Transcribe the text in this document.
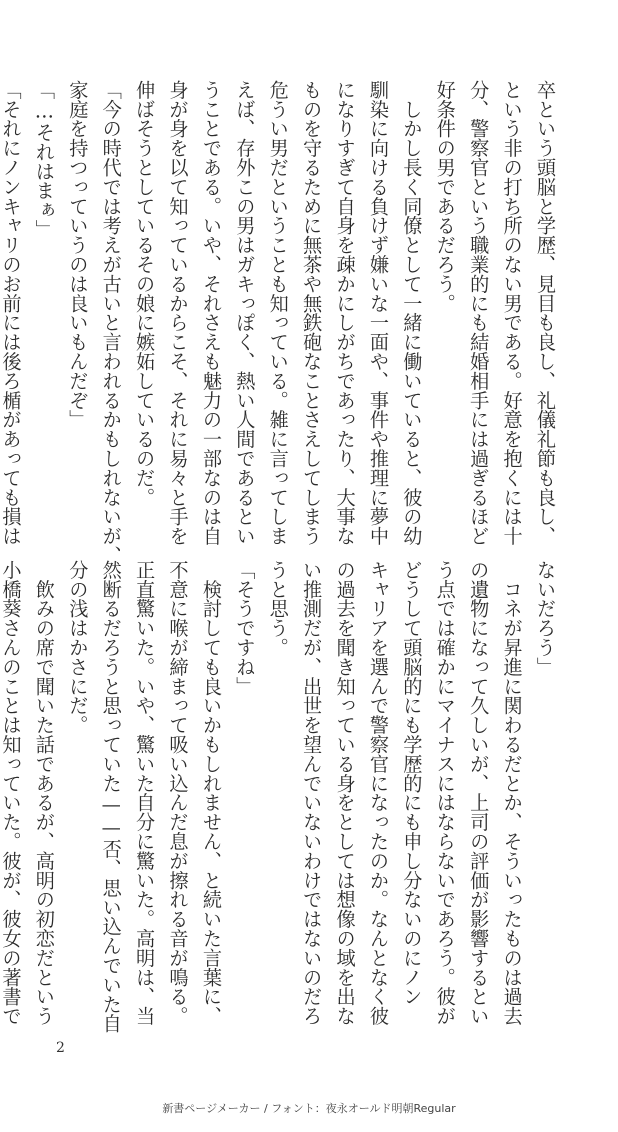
卒という頭脳と学歴、見目も良し、礼儀礼節も良し、
という非の打ち所のない男である。好意を抱くには十
分、警察官という職業的にも結婚相手には過ぎるほど
好条件の男であるだろう。
　しかし長く同僚として一緒に働いていると、彼の幼
馴染に向ける負けず嫌いな一面や、事件や推理に夢中
になりすぎて自身を疎かにしがちであったり、大事な
ものを守るために無茶や無鉄砲なことさえしてしまう
危うい男だということも知っている。雑に言ってしま
えば、存外この男はガキっぽく、熱い人間であるとい
うことである。いや、それさえも魅力の一部なのは自
身が身を以て知っているからこそ、それに易々と手を
伸ばそうとしているその娘に嫉妬しているのだ。
「今の時代では考えが古いと言われるかもしれないが、
家庭を持つっていうのは良いもんだぞ」
「…それはまぁ」
「それにノンキャリのお前には後ろ楯があっても損は
ないだろう」
　コネが昇進に関わるだとか、そういったものは過去
の遺物になって久しいが、上司の評価が影響するとい
う点では確かにマイナスにはならないであろう。彼が
どうして頭脳的にも学歴的にも申し分ないのにノン
キャリアを選んで警察官になったのか。なんとなく彼
の過去を聞き知っている身をとしては想像の域を出な
い推測だが、出世を望んでいないわけではないのだろ
うと思う。
「そうですね」
　検討しても良いかもしれません、と続いた言葉に、
不意に喉が締まって吸い込んだ息が擦れる音が鳴る。
正直驚いた。いや、驚いた自分に驚いた。高明は、当
然断るだろうと思っていた——否、思い込んでいた自
分の浅はかさにだ。
　飲みの席で聞いた話であるが、高明の初恋だという
小橋葵さんのことは知っていた。彼が、彼女の著書で
2
新書ページメーカー / フォント：夜永オールド明朝Regular
